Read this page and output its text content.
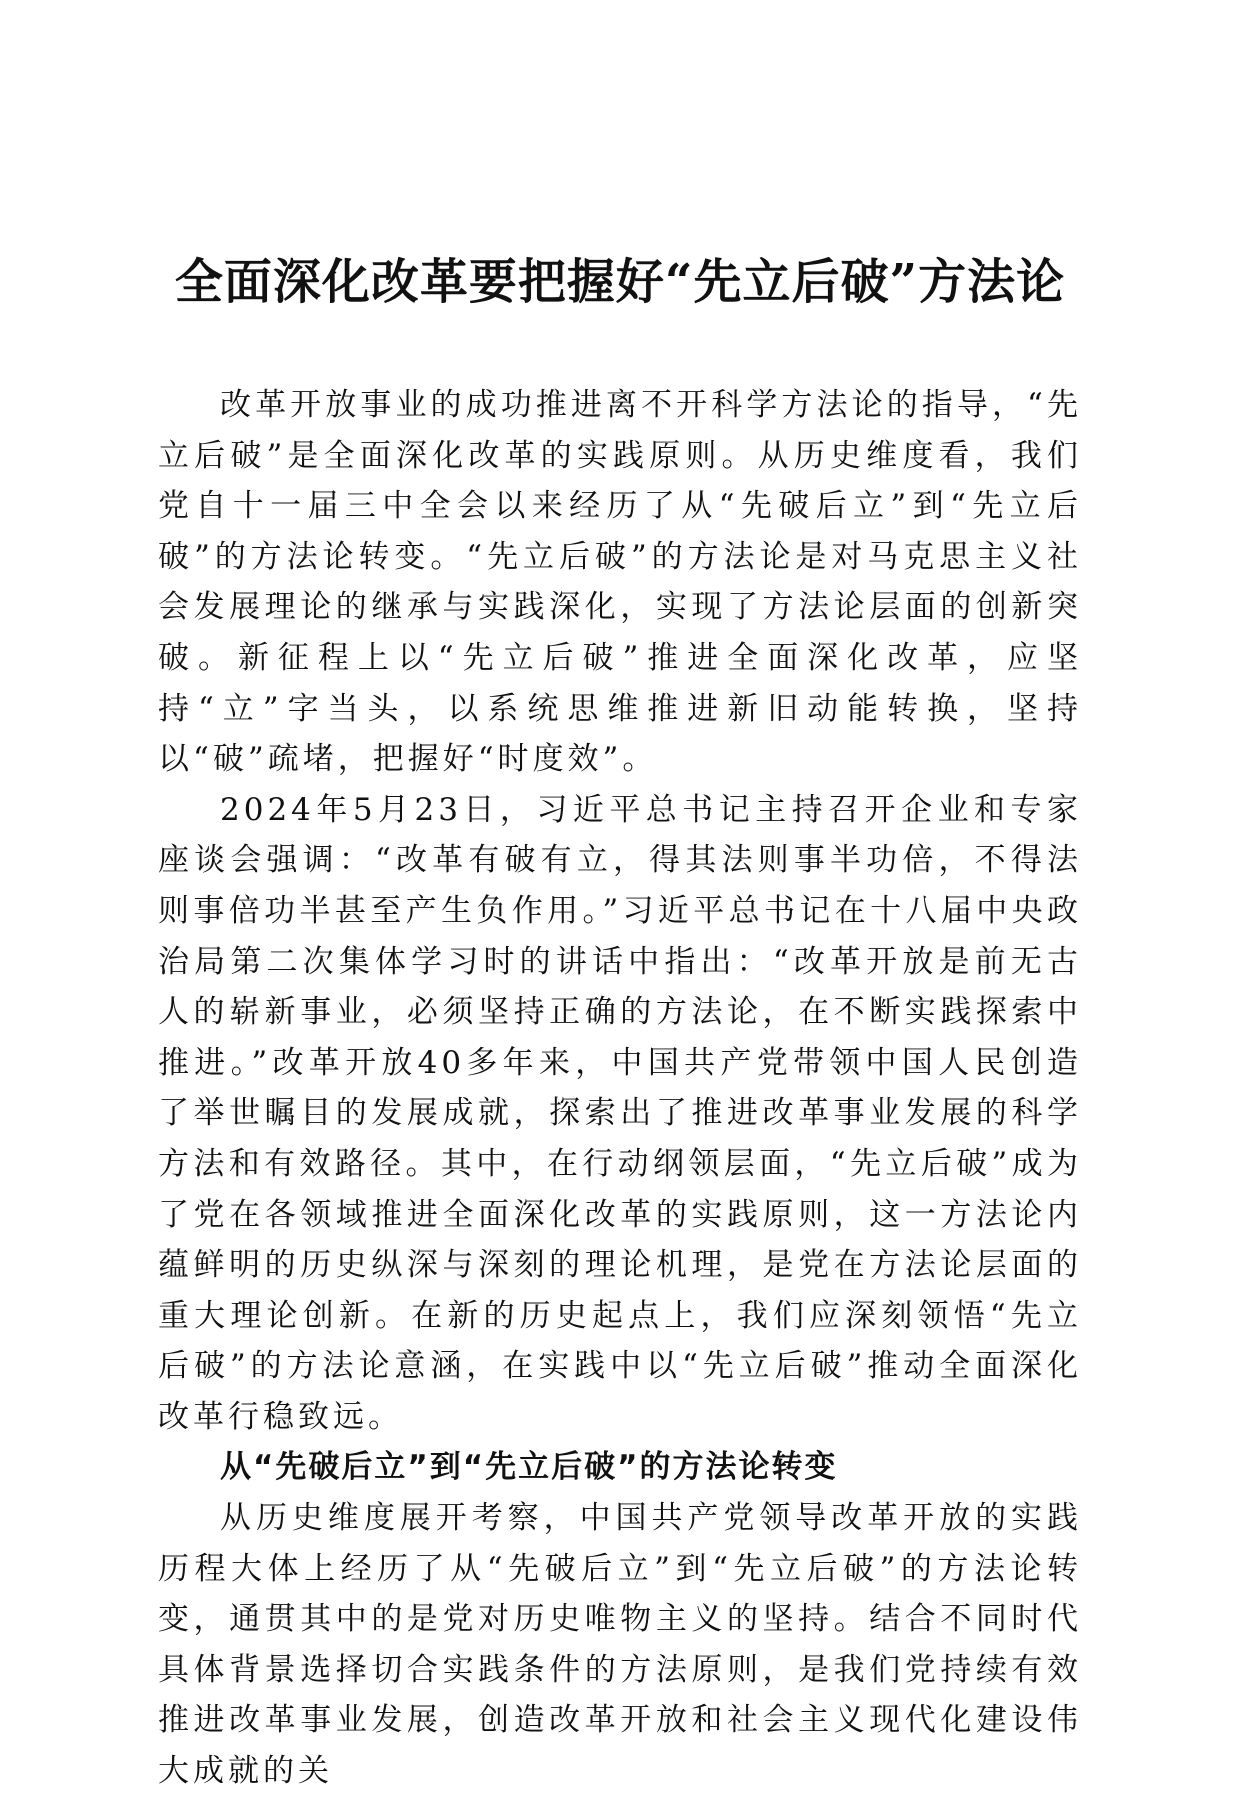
全面深化改革要把握好“先立后破”方法论

改革开放事业的成功推进离不开科学方法论的指导，“先立后破”是全面深化改革的实践原则。从历史维度看，我们党自十一届三中全会以来经历了从“先破后立”到“先立后破”的方法论转变。“先立后破”的方法论是对马克思主义社会发展理论的继承与实践深化，实现了方法论层面的创新突破。新征程上以“先立后破”推进全面深化改革，应坚持“立”字当头，以系统思维推进新旧动能转换，坚持以“破”疏堵，把握好“时度效”。

2024年5月23日，习近平总书记主持召开企业和专家座谈会强调：“改革有破有立，得其法则事半功倍，不得法则事倍功半甚至产生负作用。”习近平总书记在十八届中央政治局第二次集体学习时的讲话中指出：“改革开放是前无古人的崭新事业，必须坚持正确的方法论，在不断实践探索中推进。”改革开放40多年来，中国共产党带领中国人民创造了举世瞩目的发展成就，探索出了推进改革事业发展的科学方法和有效路径。其中，在行动纲领层面，“先立后破”成为了党在各领域推进全面深化改革的实践原则，这一方法论内蕴鲜明的历史纵深与深刻的理论机理，是党在方法论层面的重大理论创新。在新的历史起点上，我们应深刻领悟“先立后破”的方法论意涵，在实践中以“先立后破”推动全面深化改革行稳致远。

从“先破后立”到“先立后破”的方法论转变

从历史维度展开考察，中国共产党领导改革开放的实践历程大体上经历了从“先破后立”到“先立后破”的方法论转变，通贯其中的是党对历史唯物主义的坚持。结合不同时代具体背景选择切合实践条件的方法原则，是我们党持续有效推进改革事业发展，创造改革开放和社会主义现代化建设伟大成就的关
